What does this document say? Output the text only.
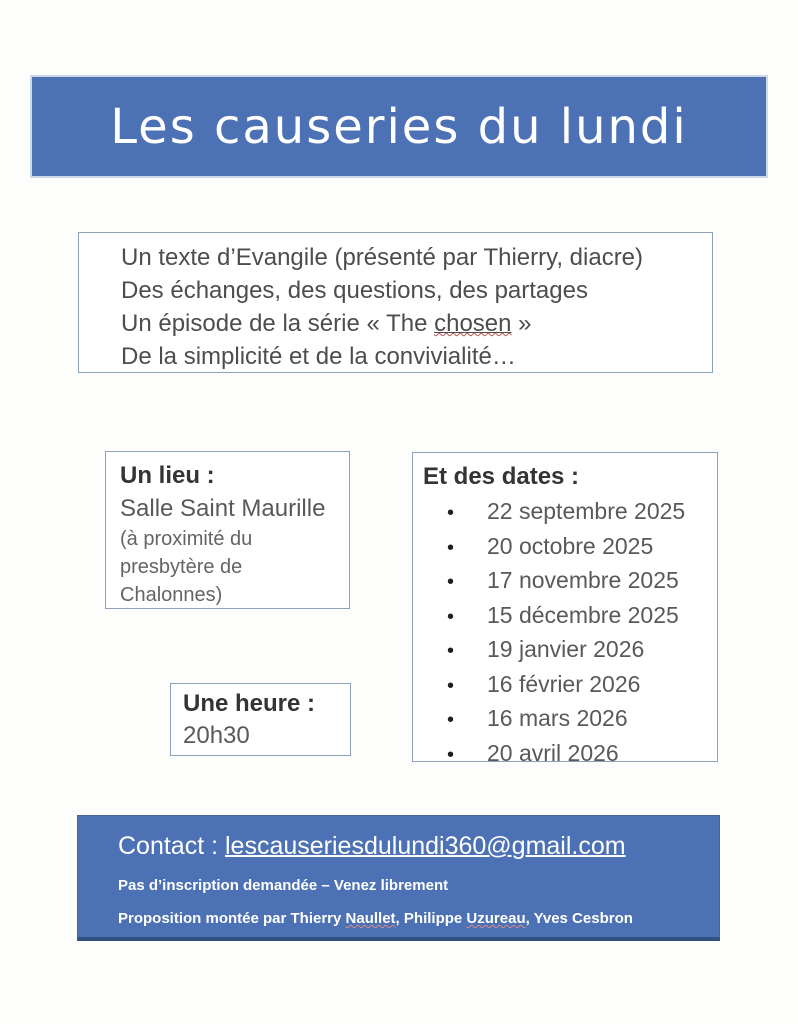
Les causeries du lundi
Un texte d’Evangile (présenté par Thierry, diacre)
Des échanges, des questions, des partages
Un épisode de la série « The chosen »
De la simplicité et de la convivialité…
Un lieu :
Salle Saint Maurille
(à proximité du presbytère de Chalonnes)
Et des dates :
•	22 septembre 2025
•	20 octobre 2025
•	17 novembre 2025
•	15 décembre 2025
•	19 janvier 2026
•	16 février 2026
•	16 mars 2026
•	20 avril 2026
Une heure :
20h30
Contact : lescauseriesdulundi360@gmail.com
Pas d’inscription demandée – Venez librement
Proposition montée par Thierry Naullet, Philippe Uzureau, Yves Cesbron
